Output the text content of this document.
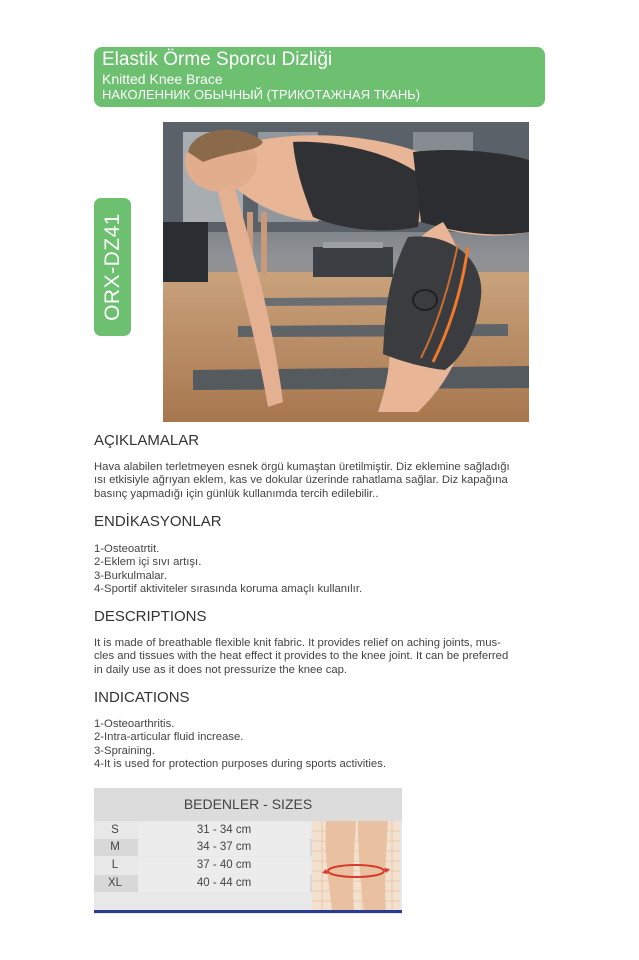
Elastik Örme Sporcu Dizliği
Knitted Knee Brace
НАКОЛЕННИК ОБЫЧНЫЙ (ТРИКОТАЖНАЯ ТКАНЬ)
ORX-DZ41
AÇIKLAMALAR
Hava alabilen terletmeyen esnek örgü kumaştan üretilmiştir. Diz eklemine sağladığı
ısı etkisiyle ağrıyan eklem, kas ve dokular üzerinde rahatlama sağlar. Diz kapağına
basınç yapmadığı için günlük kullanımda tercih edilebilir..
ENDİKASYONLAR
1-Osteoatrtit.
2-Eklem içi sıvı artışı.
3-Burkulmalar.
4-Sportif aktiviteler sırasında koruma amaçlı kullanılır.
DESCRIPTIONS
It is made of breathable flexible knit fabric. It provides relief on aching joints, mus-
cles and tissues with the heat effect it provides to the knee joint. It can be preferred
in daily use as it does not pressurize the knee cap.
INDICATIONS
1-Osteoarthritis.
2-Intra-articular fluid increase.
3-Spraining.
4-It is used for protection purposes during sports activities.
BEDENLER - SIZES
S	31 - 34 cm
M	34 - 37 cm
L	37 - 40 cm
XL	40 - 44 cm
